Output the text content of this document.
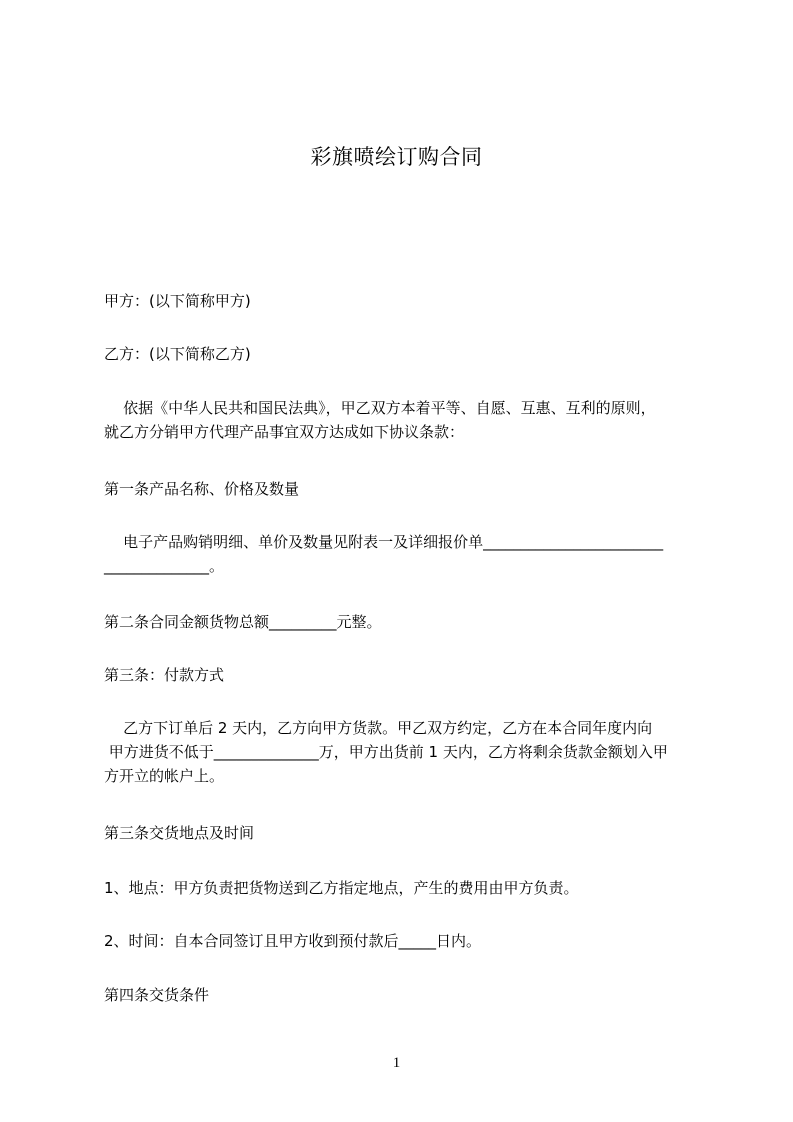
彩旗喷绘订购合同
甲方：(以下简称甲方)
乙方：(以下简称乙方)
依据《中华人民共和国民法典》，甲乙双方本着平等、自愿、互惠、互利的原则，
就乙方分销甲方代理产品事宜双方达成如下协议条款：
第一条产品名称、价格及数量
电子产品购销明细、单价及数量见附表一及详细报价单________________________
______________。
第二条合同金额货物总额_________元整。
第三条：付款方式
乙方下订单后 2 天内，乙方向甲方货款。甲乙双方约定，乙方在本合同年度内向
甲方进货不低于______________万，甲方出货前 1 天内，乙方将剩余货款金额划入甲
方开立的帐户上。
第三条交货地点及时间
1、地点：甲方负责把货物送到乙方指定地点，产生的费用由甲方负责。
2、时间：自本合同签订且甲方收到预付款后_____日内。
第四条交货条件
1
